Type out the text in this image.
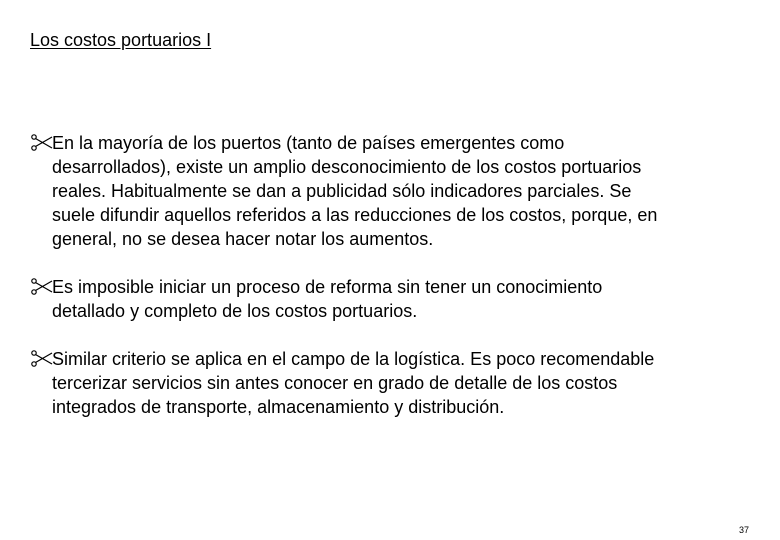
Los costos portuarios I
En la mayoría de los puertos (tanto de países emergentes como
desarrollados), existe un amplio desconocimiento de los costos portuarios
reales. Habitualmente se dan a publicidad sólo indicadores parciales. Se
suele difundir aquellos referidos a las reducciones de los costos, porque, en
general, no se desea hacer notar los aumentos.
Es imposible iniciar un proceso de reforma sin tener un conocimiento
detallado y completo de los costos portuarios.
Similar criterio se aplica en el campo de la logística. Es poco recomendable
tercerizar servicios sin antes conocer en grado de detalle de los costos
integrados de transporte, almacenamiento y distribución.
37
